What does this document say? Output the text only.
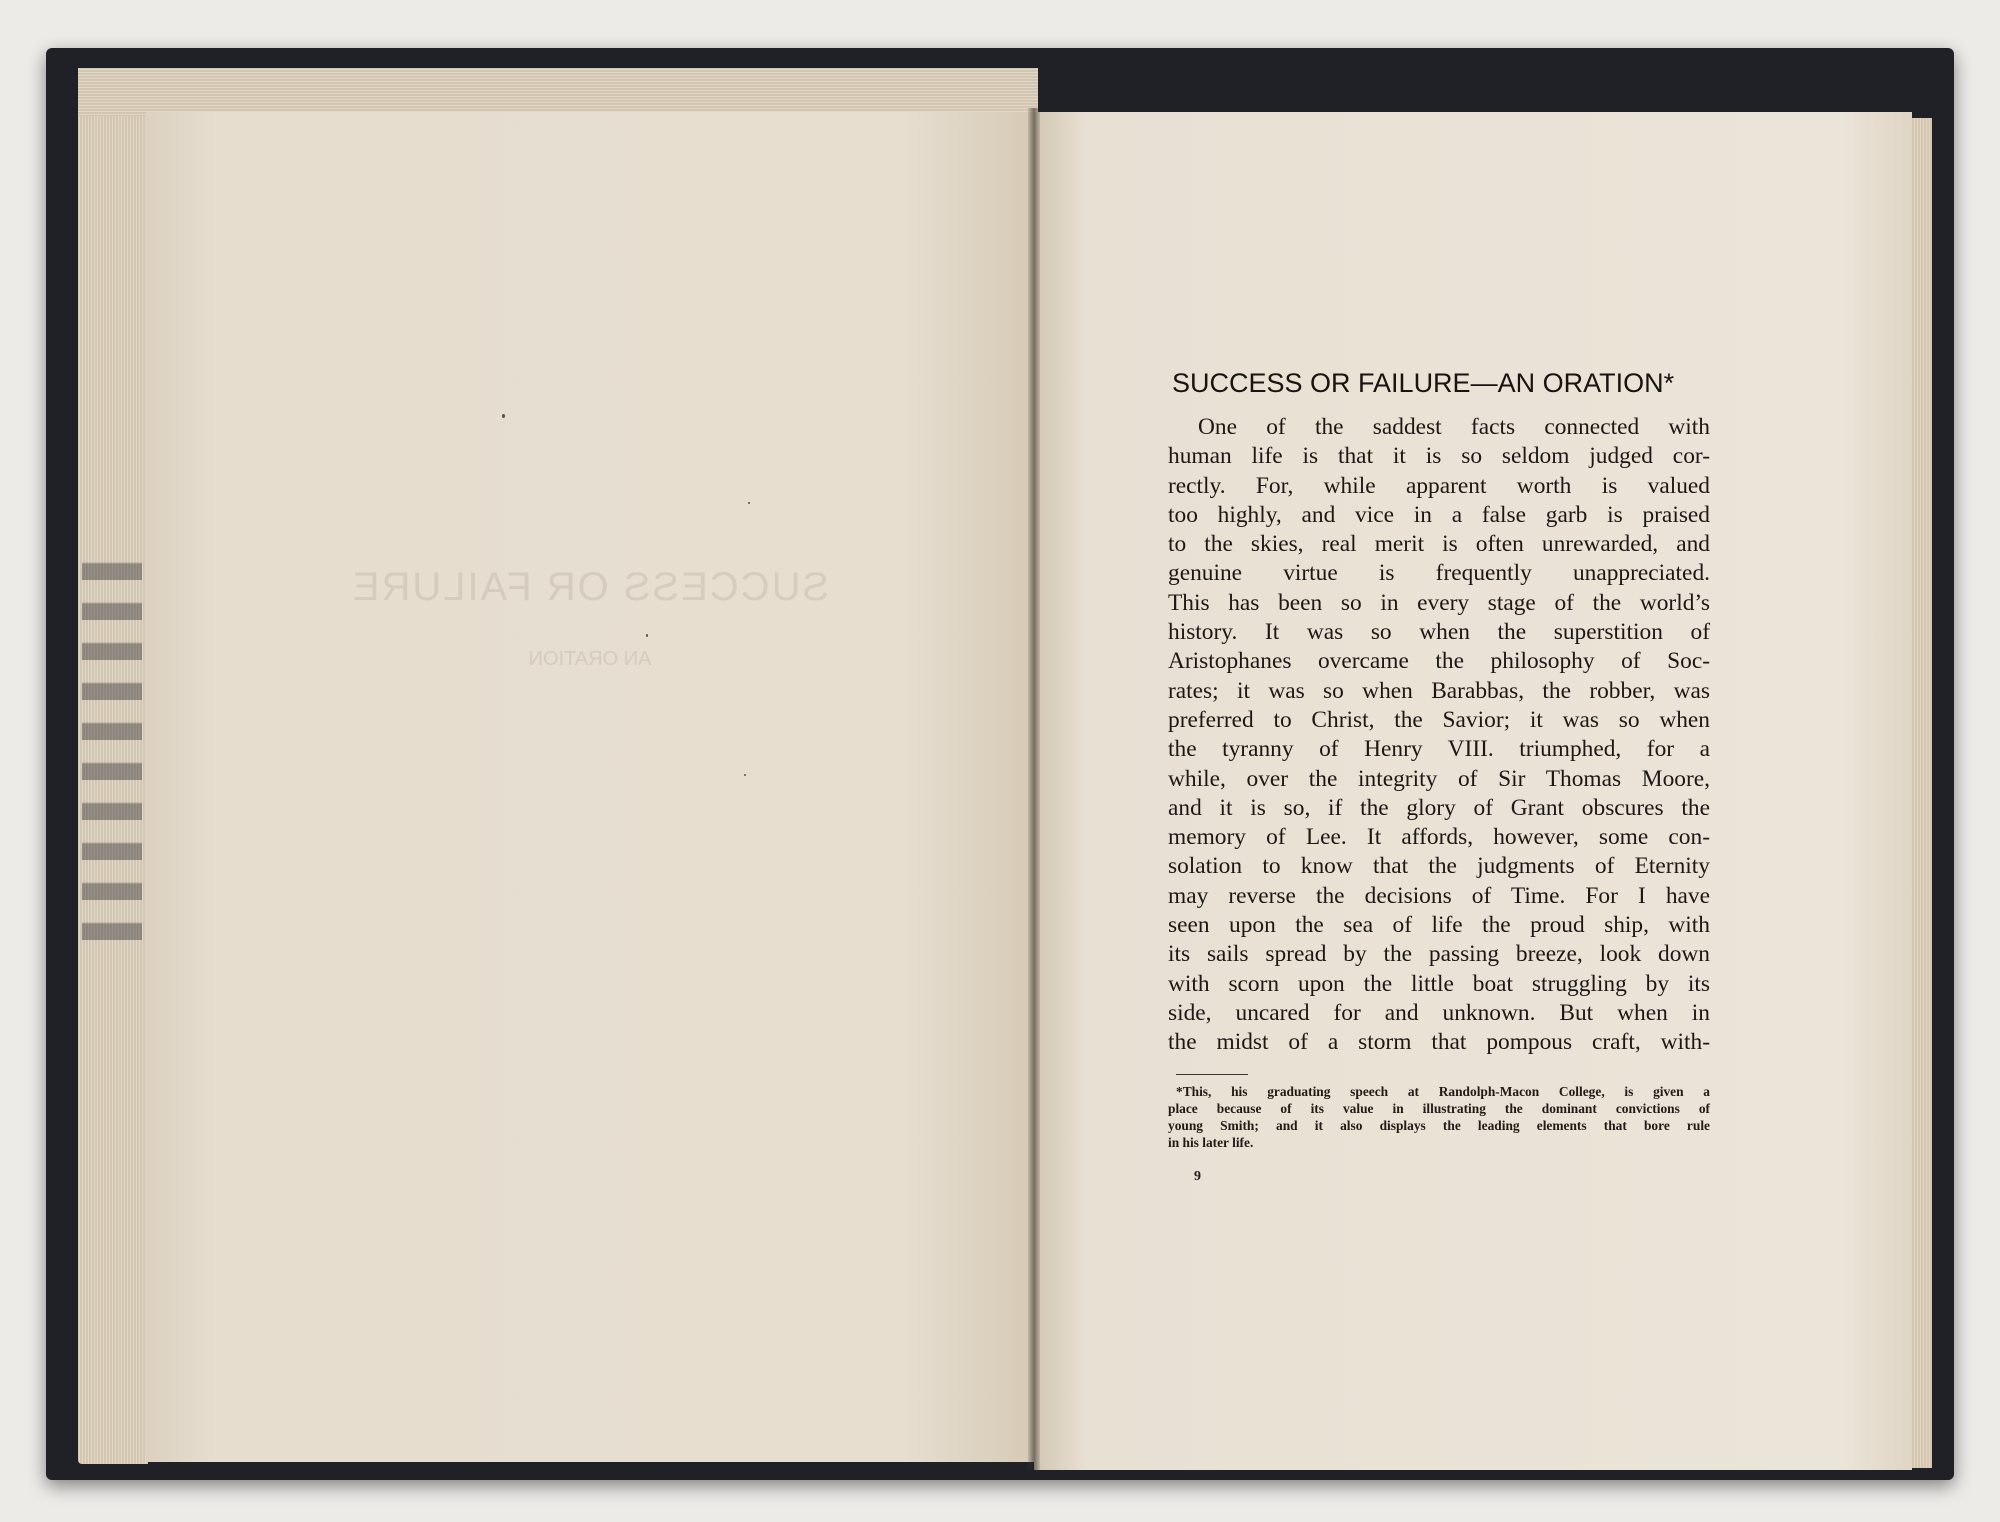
SUCCESS OR FAILURE
AN ORATION
SUCCESS OR FAILURE—AN ORATION*
One of the saddest facts connected with
human life is that it is so seldom judged cor-
rectly. For, while apparent worth is valued
too highly, and vice in a false garb is praised
to the skies, real merit is often unrewarded, and
genuine virtue is frequently unappreciated.
This has been so in every stage of the world’s
history. It was so when the superstition of
Aristophanes overcame the philosophy of Soc-
rates; it was so when Barabbas, the robber, was
preferred to Christ, the Savior; it was so when
the tyranny of Henry VIII. triumphed, for a
while, over the integrity of Sir Thomas Moore,
and it is so, if the glory of Grant obscures the
memory of Lee. It affords, however, some con-
solation to know that the judgments of Eternity
may reverse the decisions of Time. For I have
seen upon the sea of life the proud ship, with
its sails spread by the passing breeze, look down
with scorn upon the little boat struggling by its
side, uncared for and unknown. But when in
the midst of a storm that pompous craft, with-
*This, his graduating speech at Randolph-Macon College, is given a
place because of its value in illustrating the dominant convictions of
young Smith; and it also displays the leading elements that bore rule
in his later life.
9
